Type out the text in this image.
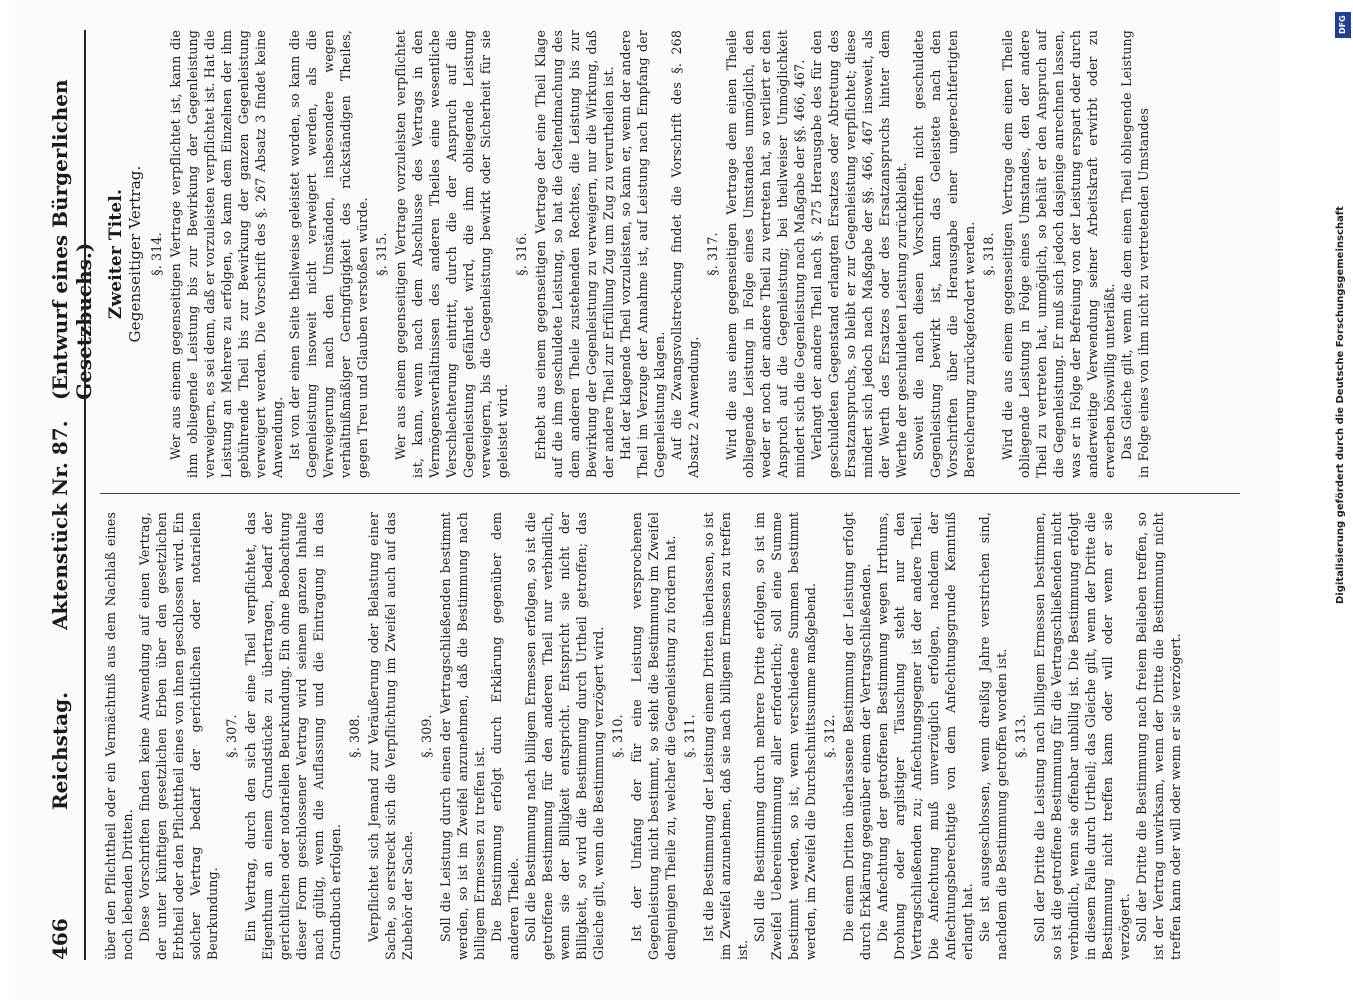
466
Reichstag.
Aktenstück Nr. 87.
(Entwurf eines Bürgerlichen Gesetzbuchs.)

über den Pflichttheil oder ein Vermächtniß aus dem Nachlaß eines noch lebenden Dritten. Diese Vorschriften finden keine Anwendung auf einen Vertrag, der unter künftigen gesetzlichen Erben über den gesetzlichen Erbtheil oder den Pflichttheil eines von ihnen geschlossen wird. Ein solcher Vertrag bedarf der gerichtlichen oder notariellen Beurkundung.

§. 307. Ein Vertrag, durch den sich der eine Theil verpflichtet, das Eigenthum an einem Grundstücke zu übertragen, bedarf der gerichtlichen oder notariellen Beurkundung. Ein ohne Beobachtung dieser Form geschlossener Vertrag wird seinem ganzen Inhalte nach gültig, wenn die Auflassung und die Eintragung in das Grundbuch erfolgen.

§. 308. Verpflichtet sich Jemand zur Veräußerung oder Belastung einer Sache, so erstreckt sich die Verpflichtung im Zweifel auch auf das Zubehör der Sache.

§. 309. Soll die Leistung durch einen der Vertragschließenden bestimmt werden, so ist im Zweifel anzunehmen, daß die Bestimmung nach billigem Ermessen zu treffen ist. Die Bestimmung erfolgt durch Erklärung gegenüber dem anderen Theile. Soll die Bestimmung nach billigem Ermessen erfolgen, so ist die getroffene Bestimmung für den anderen Theil nur verbindlich, wenn sie der Billigkeit entspricht. Entspricht sie nicht der Billigkeit, so wird die Bestimmung durch Urtheil getroffen; das Gleiche gilt, wenn die Bestimmung verzögert wird. §. 310. Ist der Umfang der für eine Leistung versprochenen Gegenleistung nicht bestimmt, so steht die Bestimmung im Zweifel demjenigen Theile zu, welcher die Gegenleistung zu fordern hat. §. 311. Ist die Bestimmung der Leistung einem Dritten überlassen, so ist im Zweifel anzunehmen, daß sie nach billigem Ermessen zu treffen ist.

Soll die Bestimmung durch mehrere Dritte erfolgen, so ist im Zweifel Uebereinstimmung aller erforderlich; soll eine Summe bestimmt werden, so ist, wenn verschiedene Summen bestimmt werden, im Zweifel die Durchschnittssumme maßgebend. §. 312. Die einem Dritten überlassene Bestimmung der Leistung erfolgt durch Erklärung gegenüber einem der Vertragschließenden. Die Anfechtung der getroffenen Bestimmung wegen Irrthums, Drohung oder arglistiger Täuschung steht nur den Vertragschließenden zu; Anfechtungsgegner ist der andere Theil. Die Anfechtung muß unverzüglich erfolgen, nachdem der Anfechtungsberechtigte von dem Anfechtungsgrunde Kenntniß erlangt hat. Sie ist ausgeschlossen, wenn dreißig Jahre verstrichen sind, nachdem die Bestimmung getroffen worden ist. §. 313. Soll der Dritte die Leistung nach billigem Ermessen bestimmen, so ist die getroffene Bestimmung für die Vertragschließenden nicht verbindlich, wenn sie offenbar unbillig ist. Die Bestimmung erfolgt in diesem Falle durch Urtheil; das Gleiche gilt, wenn der Dritte die Bestimmung nicht treffen kann oder will oder wenn er sie verzögert. Soll der Dritte die Bestimmung nach freiem Belieben treffen, so ist der Vertrag unwirksam, wenn der Dritte die Bestimmung nicht treffen kann oder will oder wenn er sie verzögert.

Zweiter Titel. Gegenseitiger Vertrag. §. 314. Wer aus einem gegenseitigen Vertrage verpflichtet ist, kann die ihm obliegende Leistung bis zur Bewirkung der Gegenleistung verweigern, es sei denn, daß er vorzuleisten verpflichtet ist. Hat die Leistung an Mehrere zu erfolgen, so kann dem Einzelnen der ihm gebührende Theil bis zur Bewirkung der ganzen Gegenleistung verweigert werden. Die Vorschrift des §. 267 Absatz 3 findet keine Anwendung. Ist von der einen Seite theilweise geleistet worden, so kann die Gegenleistung insoweit nicht verweigert werden, als die Verweigerung nach den Umständen, insbesondere wegen verhältnißmäßiger Geringfügigkeit des rückständigen Theiles, gegen Treu und Glauben verstoßen würde. §. 315. Wer aus einem gegenseitigen Vertrage vorzuleisten verpflichtet ist, kann, wenn nach dem Abschlusse des Vertrags in den Vermögensverhältnissen des anderen Theiles eine wesentliche Verschlechterung eintritt, durch die der Anspruch auf die Gegenleistung gefährdet wird, die ihm obliegende Leistung verweigern, bis die Gegenleistung bewirkt oder Sicherheit für sie geleistet wird.

§. 316. Erhebt aus einem gegenseitigen Vertrage der eine Theil Klage auf die ihm geschuldete Leistung, so hat die Geltendmachung des dem anderen Theile zustehenden Rechtes, die Leistung bis zur Bewirkung der Gegenleistung zu verweigern, nur die Wirkung, daß der andere Theil zur Erfüllung Zug um Zug zu verurtheilen ist. Hat der klagende Theil vorzuleisten, so kann er, wenn der andere Theil im Verzuge der Annahme ist, auf Leistung nach Empfang der Gegenleistung klagen. Auf die Zwangsvollstreckung findet die Vorschrift des §. 268 Absatz 2 Anwendung.

§. 317. Wird die aus einem gegenseitigen Vertrage dem einen Theile obliegende Leistung in Folge eines Umstandes unmöglich, den weder er noch der andere Theil zu vertreten hat, so verliert er den Anspruch auf die Gegenleistung; bei theilweiser Unmöglichkeit mindert sich die Gegenleistung nach Maßgabe der §§. 466, 467. Verlangt der andere Theil nach §. 275 Herausgabe des für den geschuldeten Gegenstand erlangten Ersatzes oder Abtretung des Ersatzanspruchs, so bleibt er zur Gegenleistung verpflichtet; diese mindert sich jedoch nach Maßgabe der §§. 466, 467 insoweit, als der Werth des Ersatzes oder des Ersatzanspruchs hinter dem Werthe der geschuldeten Leistung zurückbleibt. Soweit die nach diesen Vorschriften nicht geschuldete Gegenleistung bewirkt ist, kann das Geleistete nach den Vorschriften über die Herausgabe einer ungerechtfertigten Bereicherung zurückgefordert werden. §. 318. Wird die aus einem gegenseitigen Vertrage dem einen Theile obliegende Leistung in Folge eines Umstandes, den der andere Theil zu vertreten hat, unmöglich, so behält er den Anspruch auf die Gegenleistung. Er muß sich jedoch dasjenige anrechnen lassen, was er in Folge der Befreiung von der Leistung erspart oder durch anderweitige Verwendung seiner Arbeitskraft erwirbt oder zu erwerben böswillig unterläßt. Das Gleiche gilt, wenn die dem einen Theil obliegende Leistung in Folge eines von ihm nicht zu vertretenden Umstandes

DFG
Digitalisierung gefördert durch die Deutsche Forschungsgemeinschaft
